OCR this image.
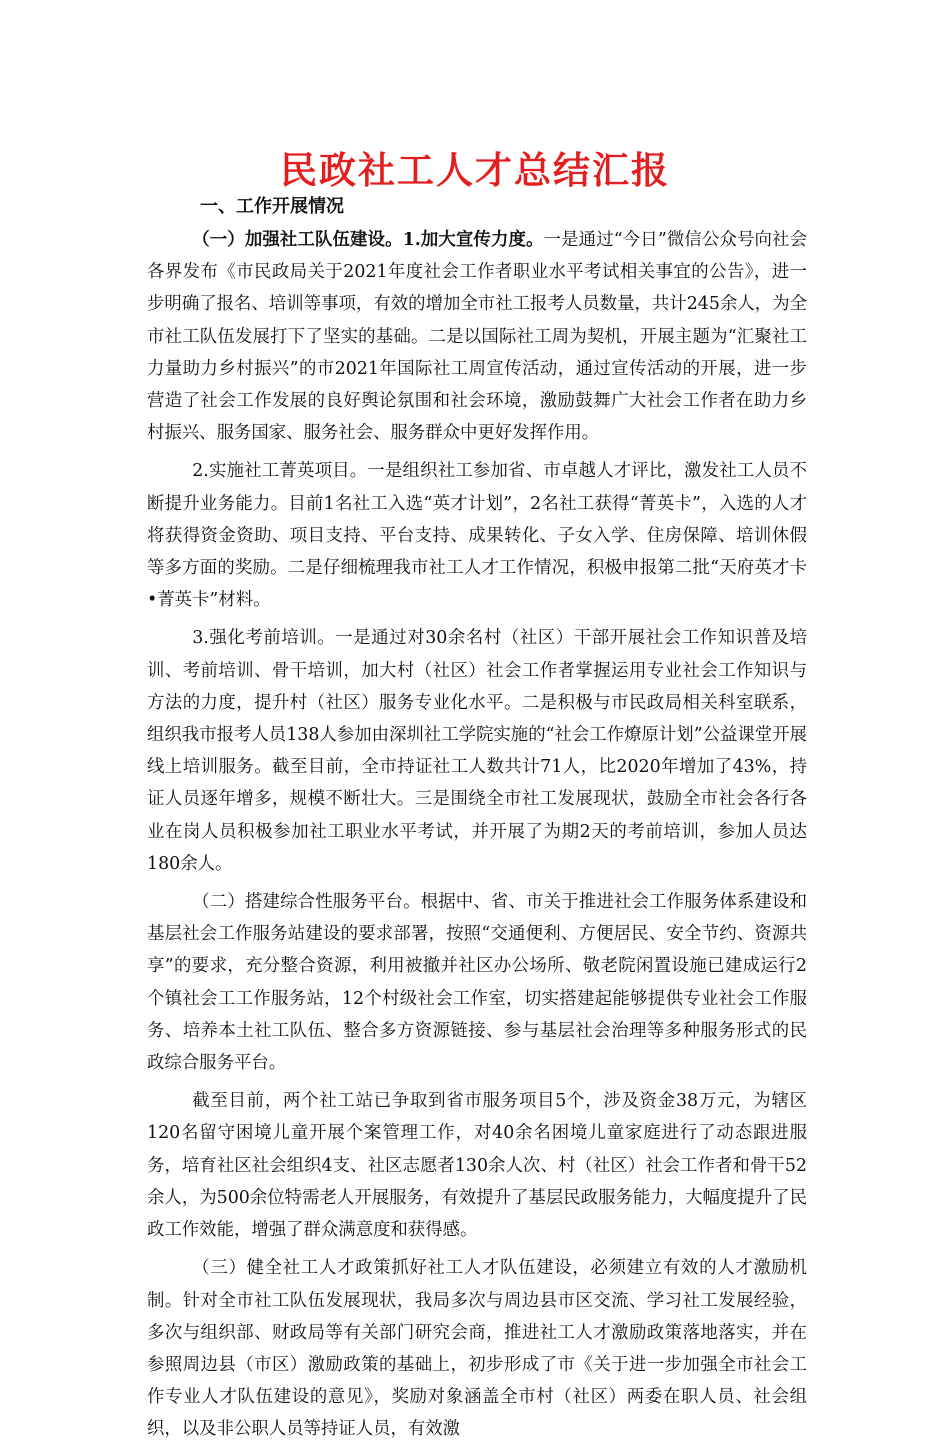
民政社工人才总结汇报
一、工作开展情况

（一）加强社工队伍建设。1.加大宣传力度。一是通过“今日”微信公众号向社会各界发布《市民政局关于2021年度社会工作者职业水平考试相关事宜的公告》，进一步明确了报名、培训等事项，有效的增加全市社工报考人员数量，共计245余人，为全市社工队伍发展打下了坚实的基础。二是以国际社工周为契机，开展主题为“汇聚社工力量助力乡村振兴”的市2021年国际社工周宣传活动，通过宣传活动的开展，进一步营造了社会工作发展的良好舆论氛围和社会环境，激励鼓舞广大社会工作者在助力乡村振兴、服务国家、服务社会、服务群众中更好发挥作用。

2.实施社工菁英项目。一是组织社工参加省、市卓越人才评比，激发社工人员不断提升业务能力。目前1名社工入选“英才计划”，2名社工获得“菁英卡”，入选的人才将获得资金资助、项目支持、平台支持、成果转化、子女入学、住房保障、培训休假等多方面的奖励。二是仔细梳理我市社工人才工作情况，积极申报第二批“天府英才卡•菁英卡”材料。

3.强化考前培训。一是通过对30余名村（社区）干部开展社会工作知识普及培训、考前培训、骨干培训，加大村（社区）社会工作者掌握运用专业社会工作知识与方法的力度，提升村（社区）服务专业化水平。二是积极与市民政局相关科室联系，组织我市报考人员138人参加由深圳社工学院实施的“社会工作燎原计划”公益课堂开展线上培训服务。截至目前，全市持证社工人数共计71人，比2020年增加了43%，持证人员逐年增多，规模不断壮大。三是围绕全市社工发展现状，鼓励全市社会各行各业在岗人员积极参加社工职业水平考试，并开展了为期2天的考前培训，参加人员达180余人。

（二）搭建综合性服务平台。根据中、省、市关于推进社会工作服务体系建设和基层社会工作服务站建设的要求部署，按照“交通便利、方便居民、安全节约、资源共享”的要求，充分整合资源，利用被撤并社区办公场所、敬老院闲置设施已建成运行2个镇社会工工作服务站，12个村级社会工作室，切实搭建起能够提供专业社会工作服务、培养本土社工队伍、整合多方资源链接、参与基层社会治理等多种服务形式的民政综合服务平台。

截至目前，两个社工站已争取到省市服务项目5个，涉及资金38万元，为辖区120名留守困境儿童开展个案管理工作，对40余名困境儿童家庭进行了动态跟进服务，培育社区社会组织4支、社区志愿者130余人次、村（社区）社会工作者和骨干52余人，为500余位特需老人开展服务，有效提升了基层民政服务能力，大幅度提升了民政工作效能，增强了群众满意度和获得感。

（三）健全社工人才政策抓好社工人才队伍建设，必须建立有效的人才激励机制。针对全市社工队伍发展现状，我局多次与周边县市区交流、学习社工发展经验，多次与组织部、财政局等有关部门研究会商，推进社工人才激励政策落地落实，并在参照周边县（市区）激励政策的基础上，初步形成了市《关于进一步加强全市社会工作专业人才队伍建设的意见》，奖励对象涵盖全市村（社区）两委在职人员、社会组织，以及非公职人员等持证人员，有效激
